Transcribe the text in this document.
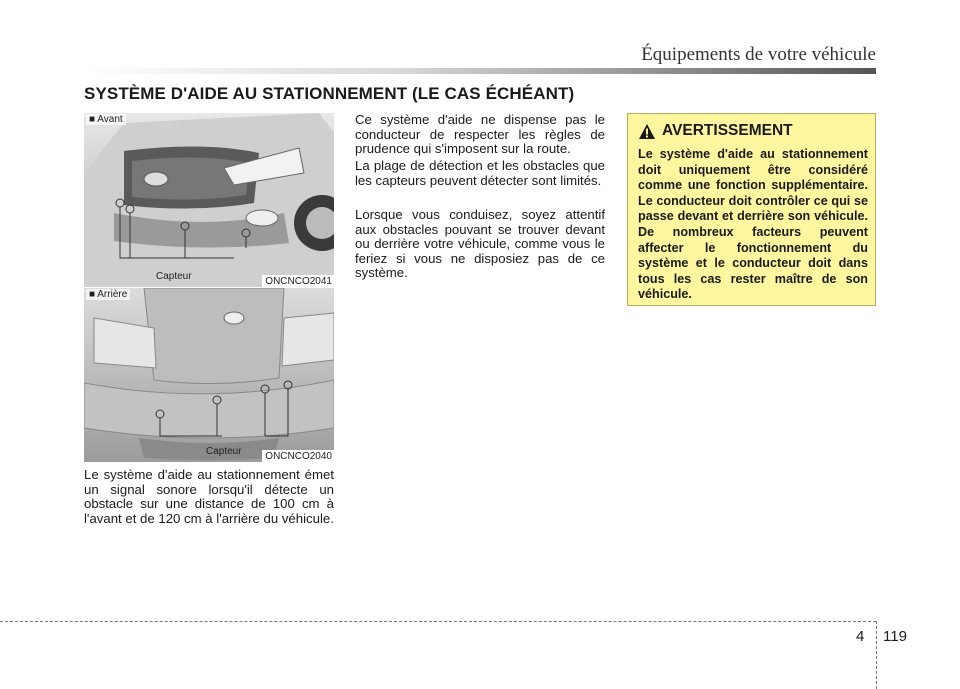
Équipements de votre véhicule
SYSTÈME D'AIDE AU STATIONNEMENT (LE CAS ÉCHÉANT)
■ Avant
Capteur	ONCNCO2041
■ Arrière
Capteur	ONCNCO2040

Le système d'aide au stationnement émet un signal sonore lorsqu'il détecte un obstacle sur une distance de 100 cm à l'avant et de 120 cm à l'arrière du véhicule.

Ce système d'aide ne dispense pas le conducteur de respecter les règles de prudence qui s'imposent sur la route.

La plage de détection et les obstacles que les capteurs peuvent détecter sont limités.

Lorsque vous conduisez, soyez attentif aux obstacles pouvant se trouver devant ou derrière votre véhicule, comme vous le feriez si vous ne disposiez pas de ce système.

AVERTISSEMENT

Le système d'aide au stationnement doit uniquement être considéré comme une fonction supplémentaire. Le conducteur doit contrôler ce qui se passe devant et derrière son véhicule. De nombreux facteurs peuvent affecter le fonctionnement du système et le conducteur doit dans tous les cas rester maître de son véhicule.

4 119
